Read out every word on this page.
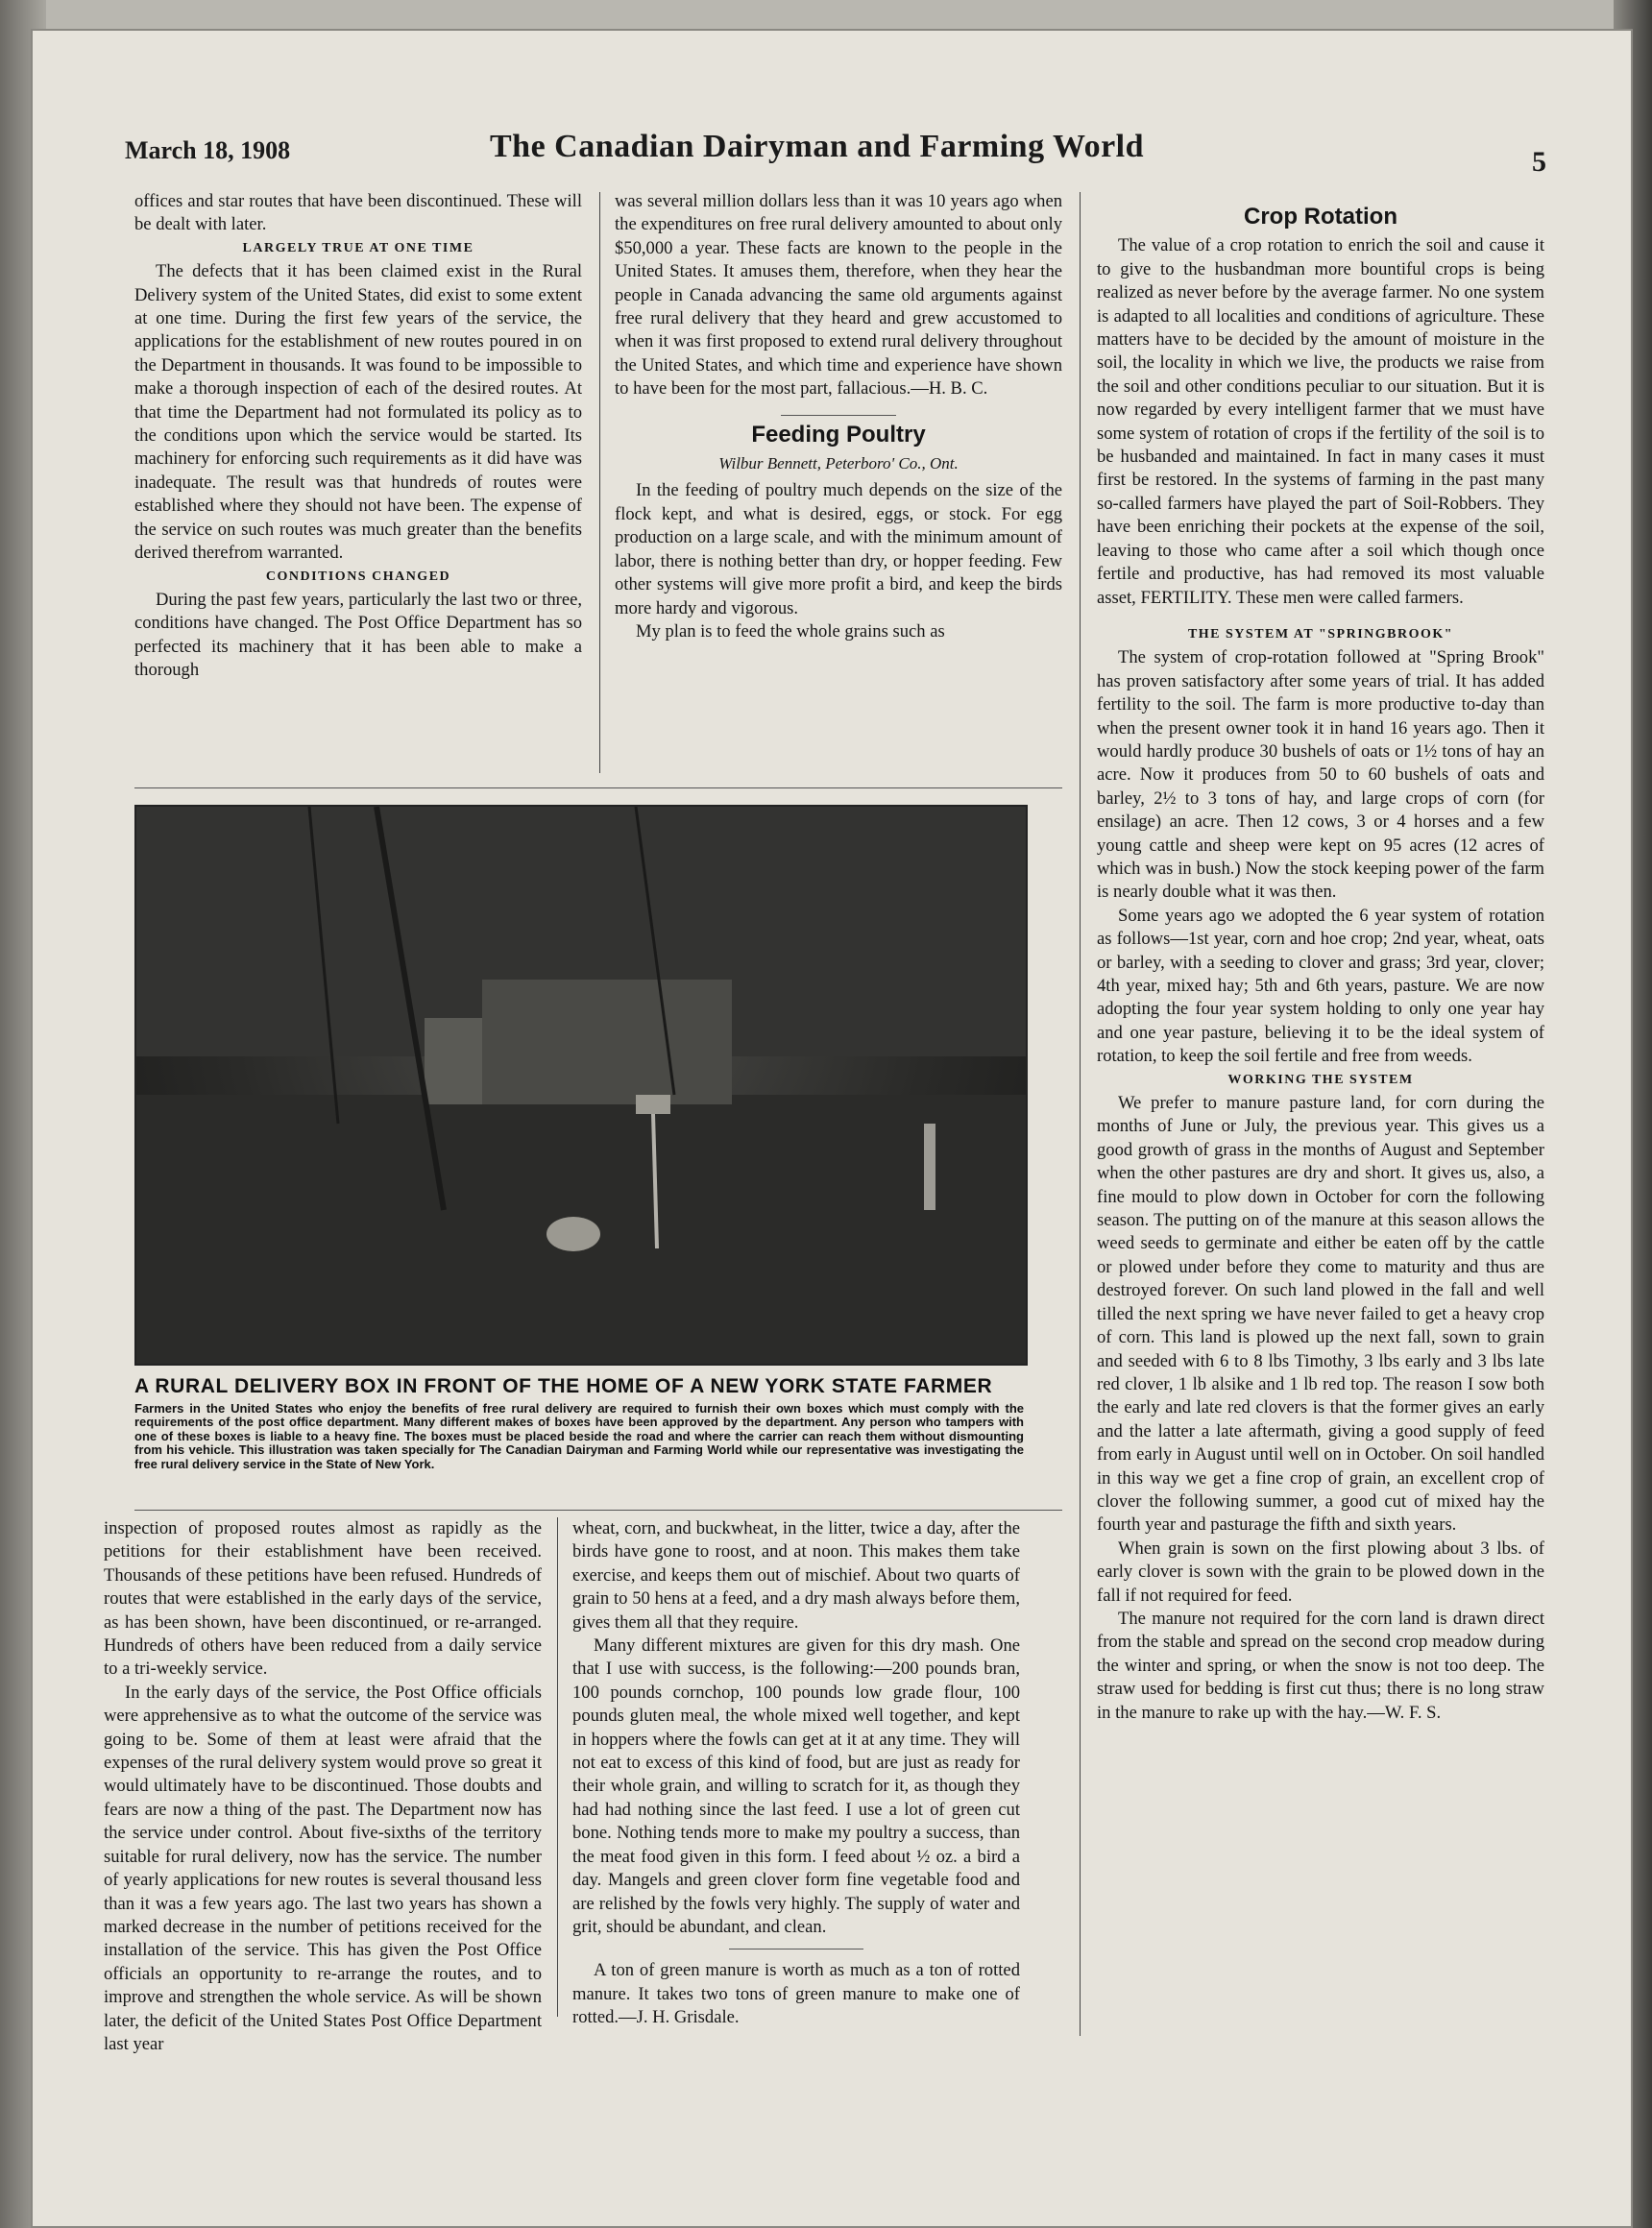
March 18, 1908	The Canadian Dairyman and Farming World	5

offices and star routes that have been discontinued. These will be dealt with later.

LARGELY TRUE AT ONE TIME

The defects that it has been claimed exist in the Rural Delivery system of the United States, did exist to some extent at one time. During the first few years of the service, the applications for the establishment of new routes poured in on the Department in thousands. It was found to be impossible to make a thorough inspection of each of the desired routes. At that time the Department had not formulated its policy as to the conditions upon which the service would be started. Its machinery for enforcing such requirements as it did have was inadequate. The result was that hundreds of routes were established where they should not have been. The expense of the service on such routes was much greater than the benefits derived therefrom warranted.

CONDITIONS CHANGED

During the past few years, particularly the last two or three, conditions have changed. The Post Office Department has so perfected its machinery that it has been able to make a thorough

was several million dollars less than it was 10 years ago when the expenditures on free rural delivery amounted to about only $50,000 a year. These facts are known to the people in the United States. It amuses them, therefore, when they hear the people in Canada advancing the same old arguments against free rural delivery that they heard and grew accustomed to when it was first proposed to extend rural delivery throughout the United States, and which time and experience have shown to have been for the most part, fallacious.—H. B. C.

Feeding Poultry
Wilbur Bennett, Peterboro' Co., Ont.

In the feeding of poultry much depends on the size of the flock kept, and what is desired, eggs, or stock. For egg production on a large scale, and with the minimum amount of labor, there is nothing better than dry, or hopper feeding. Few other systems will give more profit a bird, and keep the birds more hardy and vigorous.

My plan is to feed the whole grains such as

Crop Rotation

The value of a crop rotation to enrich the soil and cause it to give to the husbandman more bountiful crops is being realized as never before by the average farmer. No one system is adapted to all localities and conditions of agriculture. These matters have to be decided by the amount of moisture in the soil, the locality in which we live, the products we raise from the soil and other conditions peculiar to our situation. But it is now regarded by every intelligent farmer that we must have some system of rotation of crops if the fertility of the soil is to be husbanded and maintained. In fact in many cases it must first be restored. In the systems of farming in the past many so-called farmers have played the part of Soil-Robbers. They have been enriching their pockets at the expense of the soil, leaving to those who came after a soil which though once fertile and productive, has had removed its most valuable asset, FERTILITY. These men were called farmers.

THE SYSTEM AT "SPRINGBROOK"

The system of crop-rotation followed at "Spring Brook" has proven satisfactory after some years of trial. It has added fertility to the soil. The farm is more productive to-day than when the present owner took it in hand 16 years ago. Then it would hardly produce 30 bushels of oats or 1½ tons of hay an acre. Now it produces from 50 to 60 bushels of oats and barley, 2½ to 3 tons of hay, and large crops of corn (for ensilage) an acre. Then 12 cows, 3 or 4 horses and a few young cattle and sheep were kept on 95 acres (12 acres of which was in bush.) Now the stock keeping power of the farm is nearly double what it was then.

Some years ago we adopted the 6 year system of rotation as follows—1st year, corn and hoe crop; 2nd year, wheat, oats or barley, with a seeding to clover and grass; 3rd year, clover; 4th year, mixed hay; 5th and 6th years, pasture. We are now adopting the four year system holding to only one year hay and one year pasture, believing it to be the ideal system of rotation, to keep the soil fertile and free from weeds.

WORKING THE SYSTEM

We prefer to manure pasture land, for corn during the months of June or July, the previous year. This gives us a good growth of grass in the months of August and September when the other pastures are dry and short. It gives us, also, a fine mould to plow down in October for corn the following season. The putting on of the manure at this season allows the weed seeds to germinate and either be eaten off by the cattle or plowed under before they come to maturity and thus are destroyed forever. On such land plowed in the fall and well tilled the next spring we have never failed to get a heavy crop of corn. This land is plowed up the next fall, sown to grain and seeded with 6 to 8 lbs Timothy, 3 lbs early and 3 lbs late red clover, 1 lb alsike and 1 lb red top. The reason I sow both the early and late red clovers is that the former gives an early and the latter a late aftermath, giving a good supply of feed from early in August until well on in October. On soil handled in this way we get a fine crop of grain, an excellent crop of clover the following summer, a good cut of mixed hay the fourth year and pasturage the fifth and sixth years.

When grain is sown on the first plowing about 3 lbs. of early clover is sown with the grain to be plowed down in the fall if not required for feed.

The manure not required for the corn land is drawn direct from the stable and spread on the second crop meadow during the winter and spring, or when the snow is not too deep. The straw used for bedding is first cut thus; there is no long straw in the manure to rake up with the hay.—W. F. S.

A RURAL DELIVERY BOX IN FRONT OF THE HOME OF A NEW YORK STATE FARMER
Farmers in the United States who enjoy the benefits of free rural delivery are required to furnish their own boxes which must comply with the requirements of the post office department. Many different makes of boxes have been approved by the department. Any person who tampers with one of these boxes is liable to a heavy fine. The boxes must be placed beside the road and where the carrier can reach them without dismounting from his vehicle. This illustration was taken specially for The Canadian Dairyman and Farming World while our representative was investigating the free rural delivery service in the State of New York.

inspection of proposed routes almost as rapidly as the petitions for their establishment have been received. Thousands of these petitions have been refused. Hundreds of routes that were established in the early days of the service, as has been shown, have been discontinued, or re-arranged. Hundreds of others have been reduced from a daily service to a tri-weekly service.

In the early days of the service, the Post Office officials were apprehensive as to what the outcome of the service was going to be. Some of them at least were afraid that the expenses of the rural delivery system would prove so great it would ultimately have to be discontinued. Those doubts and fears are now a thing of the past. The Department now has the service under control. About five-sixths of the territory suitable for rural delivery, now has the service. The number of yearly applications for new routes is several thousand less than it was a few years ago. The last two years has shown a marked decrease in the number of petitions received for the installation of the service. This has given the Post Office officials an opportunity to re-arrange the routes, and to improve and strengthen the whole service. As will be shown later, the deficit of the United States Post Office Department last year

wheat, corn, and buckwheat, in the litter, twice a day, after the birds have gone to roost, and at noon. This makes them take exercise, and keeps them out of mischief. About two quarts of grain to 50 hens at a feed, and a dry mash always before them, gives them all that they require.

Many different mixtures are given for this dry mash. One that I use with success, is the following:—200 pounds bran, 100 pounds cornchop, 100 pounds low grade flour, 100 pounds gluten meal, the whole mixed well together, and kept in hoppers where the fowls can get at it at any time. They will not eat to excess of this kind of food, but are just as ready for their whole grain, and willing to scratch for it, as though they had had nothing since the last feed. I use a lot of green cut bone. Nothing tends more to make my poultry a success, than the meat food given in this form. I feed about ½ oz. a bird a day. Mangels and green clover form fine vegetable food and are relished by the fowls very highly. The supply of water and grit, should be abundant, and clean.

A ton of green manure is worth as much as a ton of rotted manure. It takes two tons of green manure to make one of rotted.—J. H. Grisdale.
